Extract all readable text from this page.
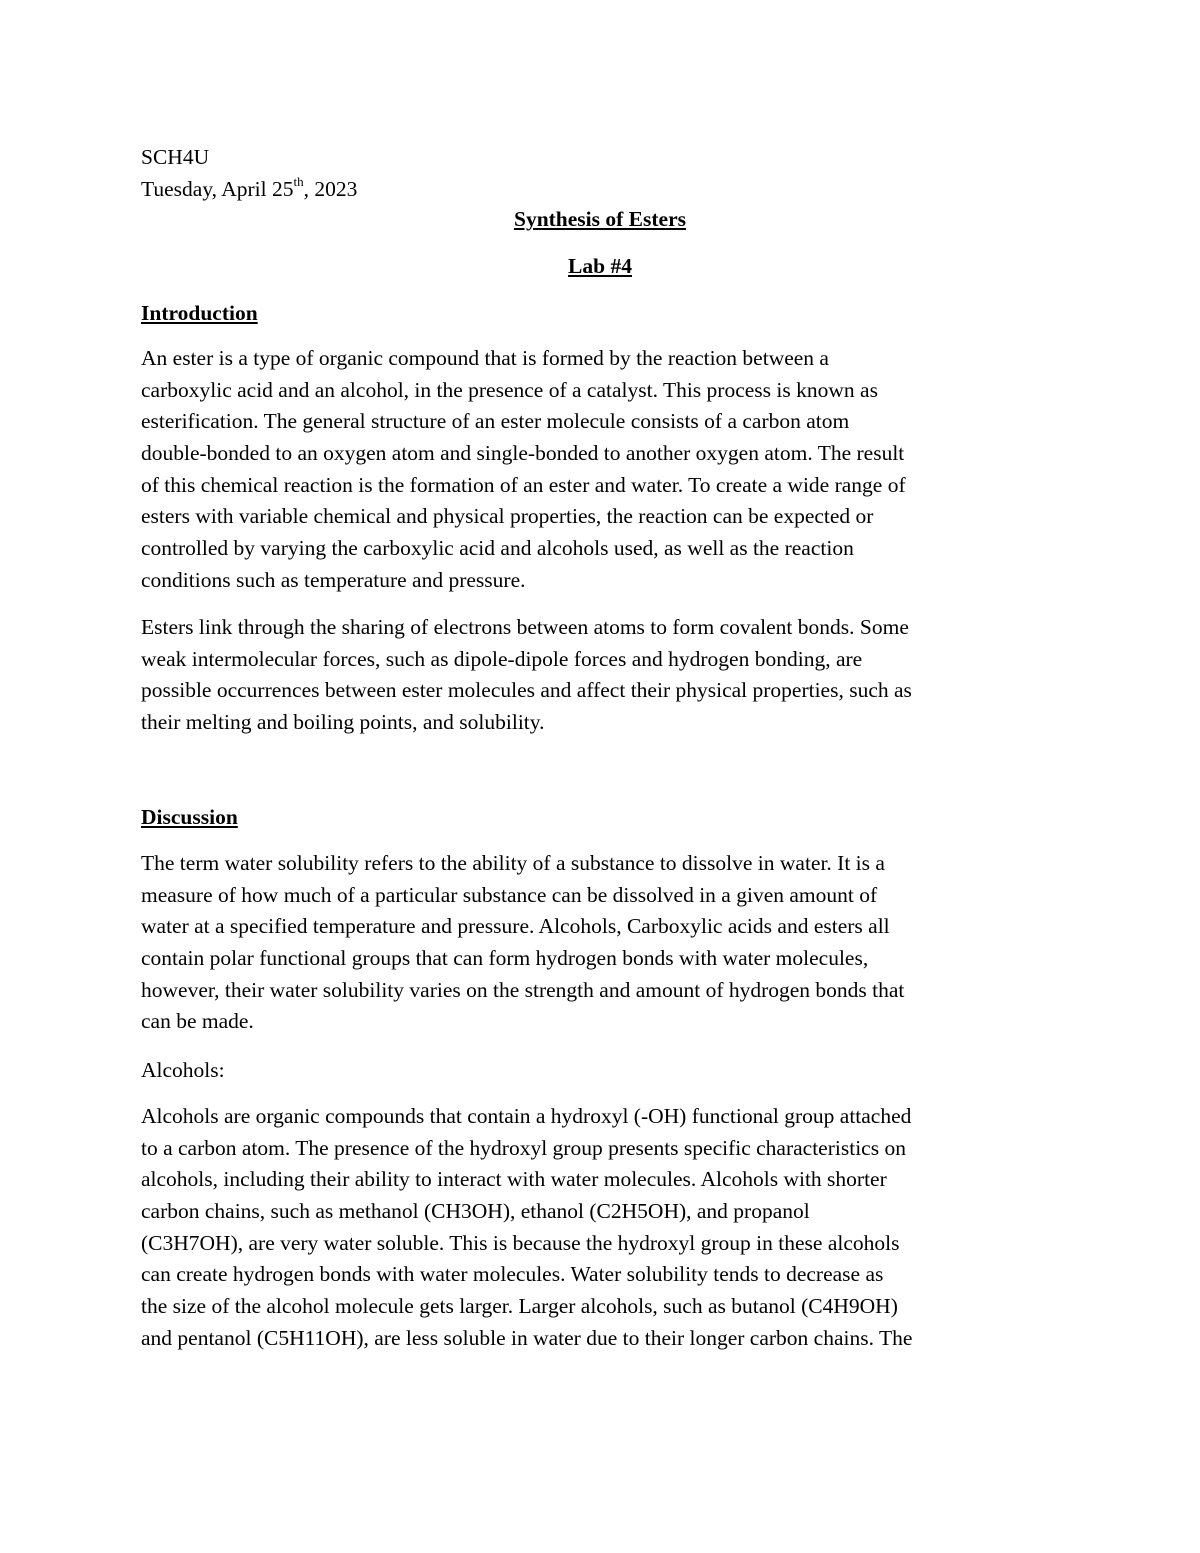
SCH4U
Tuesday, April 25th, 2023
Synthesis of Esters
Lab #4
Introduction
An ester is a type of organic compound that is formed by the reaction between a
carboxylic acid and an alcohol, in the presence of a catalyst. This process is known as
esterification. The general structure of an ester molecule consists of a carbon atom
double-bonded to an oxygen atom and single-bonded to another oxygen atom. The result
of this chemical reaction is the formation of an ester and water. To create a wide range of
esters with variable chemical and physical properties, the reaction can be expected or
controlled by varying the carboxylic acid and alcohols used, as well as the reaction
conditions such as temperature and pressure.
Esters link through the sharing of electrons between atoms to form covalent bonds. Some
weak intermolecular forces, such as dipole-dipole forces and hydrogen bonding, are
possible occurrences between ester molecules and affect their physical properties, such as
their melting and boiling points, and solubility.
Discussion
The term water solubility refers to the ability of a substance to dissolve in water. It is a
measure of how much of a particular substance can be dissolved in a given amount of
water at a specified temperature and pressure. Alcohols, Carboxylic acids and esters all
contain polar functional groups that can form hydrogen bonds with water molecules,
however, their water solubility varies on the strength and amount of hydrogen bonds that
can be made.
Alcohols:
Alcohols are organic compounds that contain a hydroxyl (-OH) functional group attached
to a carbon atom. The presence of the hydroxyl group presents specific characteristics on
alcohols, including their ability to interact with water molecules. Alcohols with shorter
carbon chains, such as methanol (CH3OH), ethanol (C2H5OH), and propanol
(C3H7OH), are very water soluble. This is because the hydroxyl group in these alcohols
can create hydrogen bonds with water molecules. Water solubility tends to decrease as
the size of the alcohol molecule gets larger. Larger alcohols, such as butanol (C4H9OH)
and pentanol (C5H11OH), are less soluble in water due to their longer carbon chains. The
